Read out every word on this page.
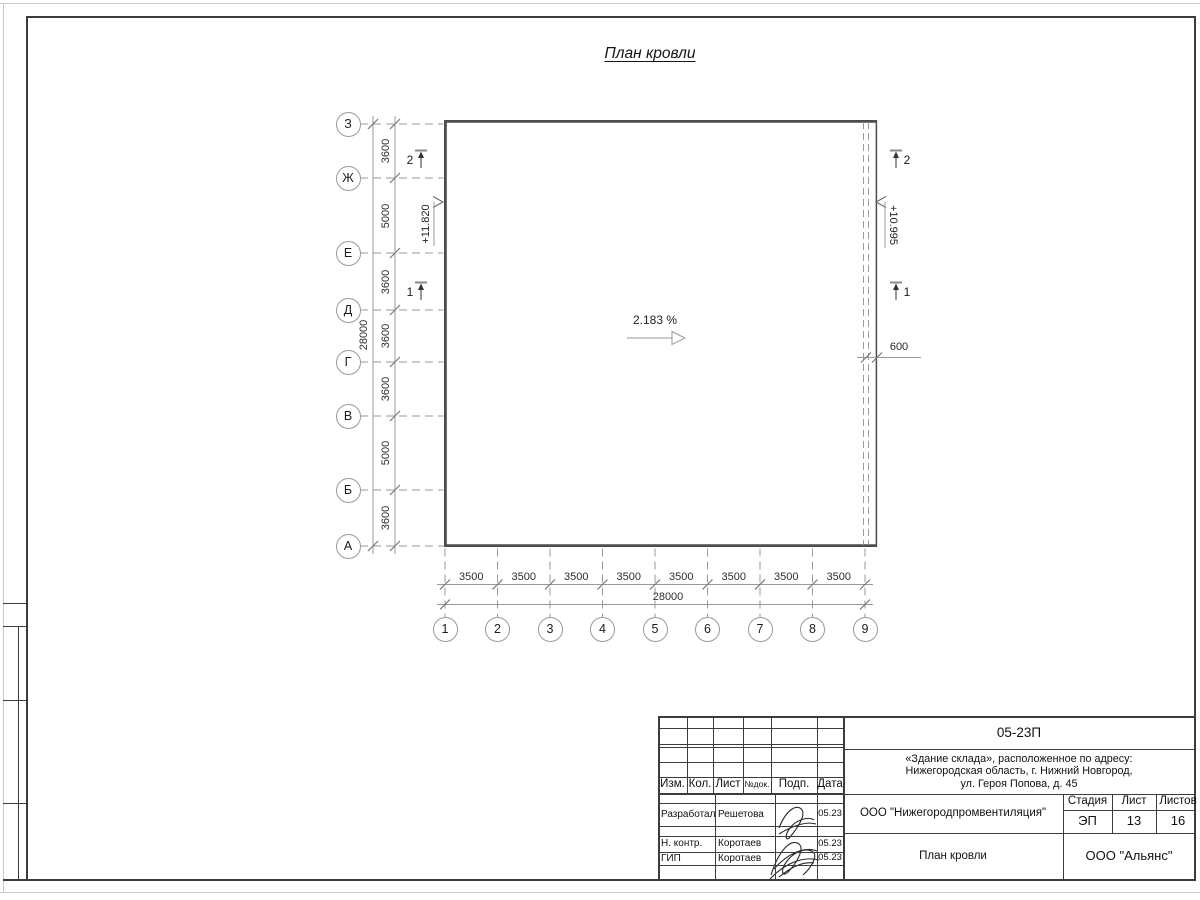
План кровли
2.183 %
+11.820	+10.995
600
2
1
2
1
05-23П
«Здание склада», расположенное по адресу:
Нижегородская область, г. Нижний Новгород,
ул. Героя Попова, д. 45
ООО "Нижегородпромвентиляция"
План кровли	ООО "Альянс"
Стадия	Лист	Листов
ЭП	13	16
Изм. Кол. Лист №док. Подп. Дата
Разработал Решетова	05.23
Н. контр.	Коротаев	05.23
ГИП	Коротаев	05.23
З
Ж
Е
Д
Г
В
Б
А
3600
5000
3600
3600
3600
5000
3600
28000
1	2	3	4	5	6	7	8	9
3500	3500	3500	3500	3500	3500	3500	3500
28000
